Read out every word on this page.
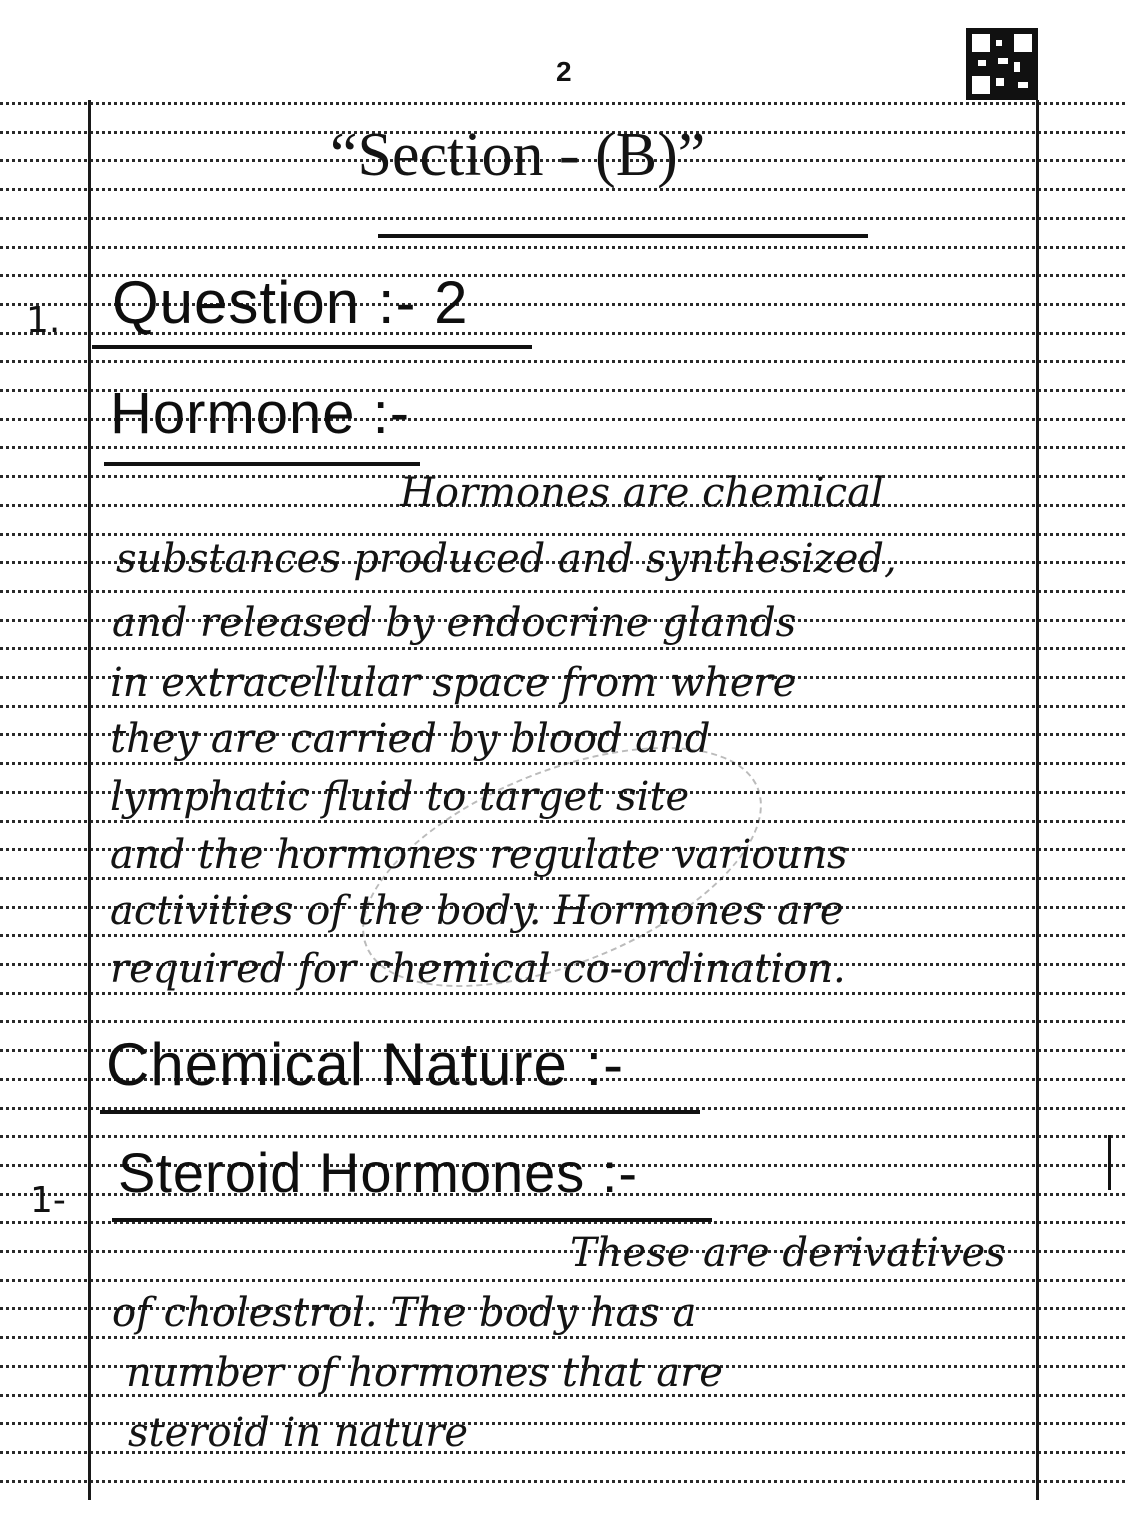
2
“Section - (B)”
1. Question :- 2
Hormone :-
Hormones are chemical
substances produced and synthesized,
and released by endocrine glands
in extracellular space from where
they are carried by blood and
lymphatic fluid to target site
and the hormones regulate variouns
activities of the body. Hormones are
required for chemical co-ordination.
Chemical Nature :-
1- Steroid Hormones :-
These are derivatives
of cholestrol. The body has a
number of hormones that are
steroid in nature
